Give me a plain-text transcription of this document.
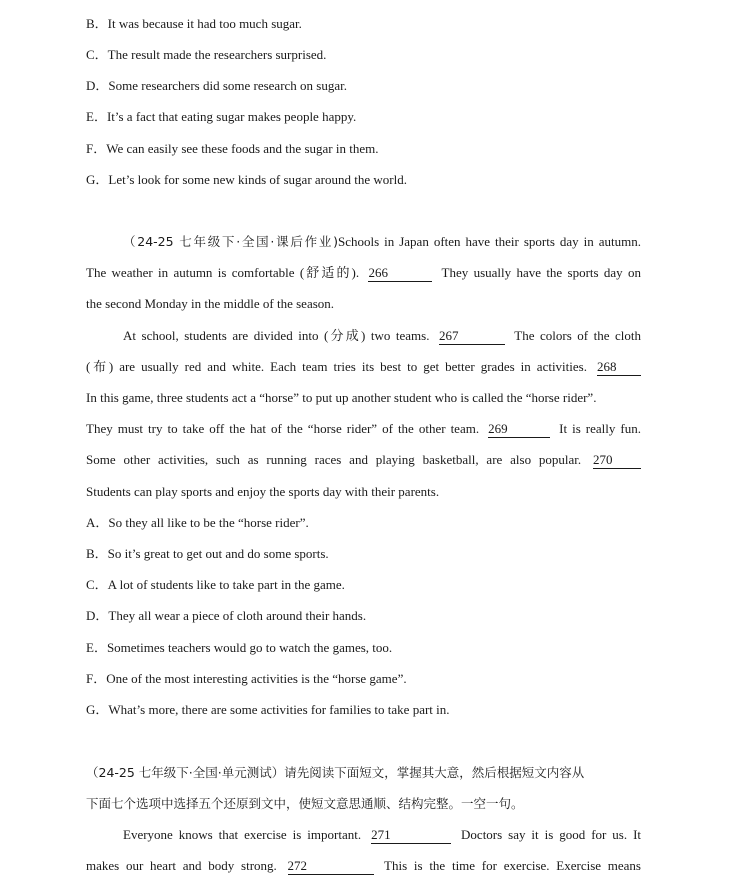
B．It was because it had too much sugar.
C．The result made the researchers surprised.
D．Some researchers did some research on sugar.
E．It’s a fact that eating sugar makes people happy.
F．We can easily see these foods and the sugar in them.
G．Let’s look for some new kinds of sugar around the world.
（24-25 七年级下·全国·课后作业)Schools in Japan often have their sports day in autumn.
The weather in autumn is comfortable (舒适的). 266	They usually have the sports day on
the second Monday in the middle of the season.
At school, students are divided into (分成) two teams. 267	The colors of the cloth
(布) are usually red and white. Each team tries its best to get better grades in activities. 268
In this game, three students act a “horse” to put up another student who is called the “horse rider”.
They must try to take off the hat of the “horse rider” of the other team. 269	It is really fun.
Some other activities, such as running races and playing basketball, are also popular. 270
Students can play sports and enjoy the sports day with their parents.
A．So they all like to be the “horse rider”.
B．So it’s great to get out and do some sports.
C．A lot of students like to take part in the game.
D．They all wear a piece of cloth around their hands.
E．Sometimes teachers would go to watch the games, too.
F．One of the most interesting activities is the “horse game”.
G．What’s more, there are some activities for families to take part in.
（24-25 七年级下·全国·单元测试）请先阅读下面短文，掌握其大意，然后根据短文内容从
下面七个选项中选择五个还原到文中，使短文意思通顺、结构完整。一空一句。
Everyone knows that exercise is important. 271	Doctors say it is good for us. It
makes our heart and body strong. 272	This is the time for exercise. Exercise means
